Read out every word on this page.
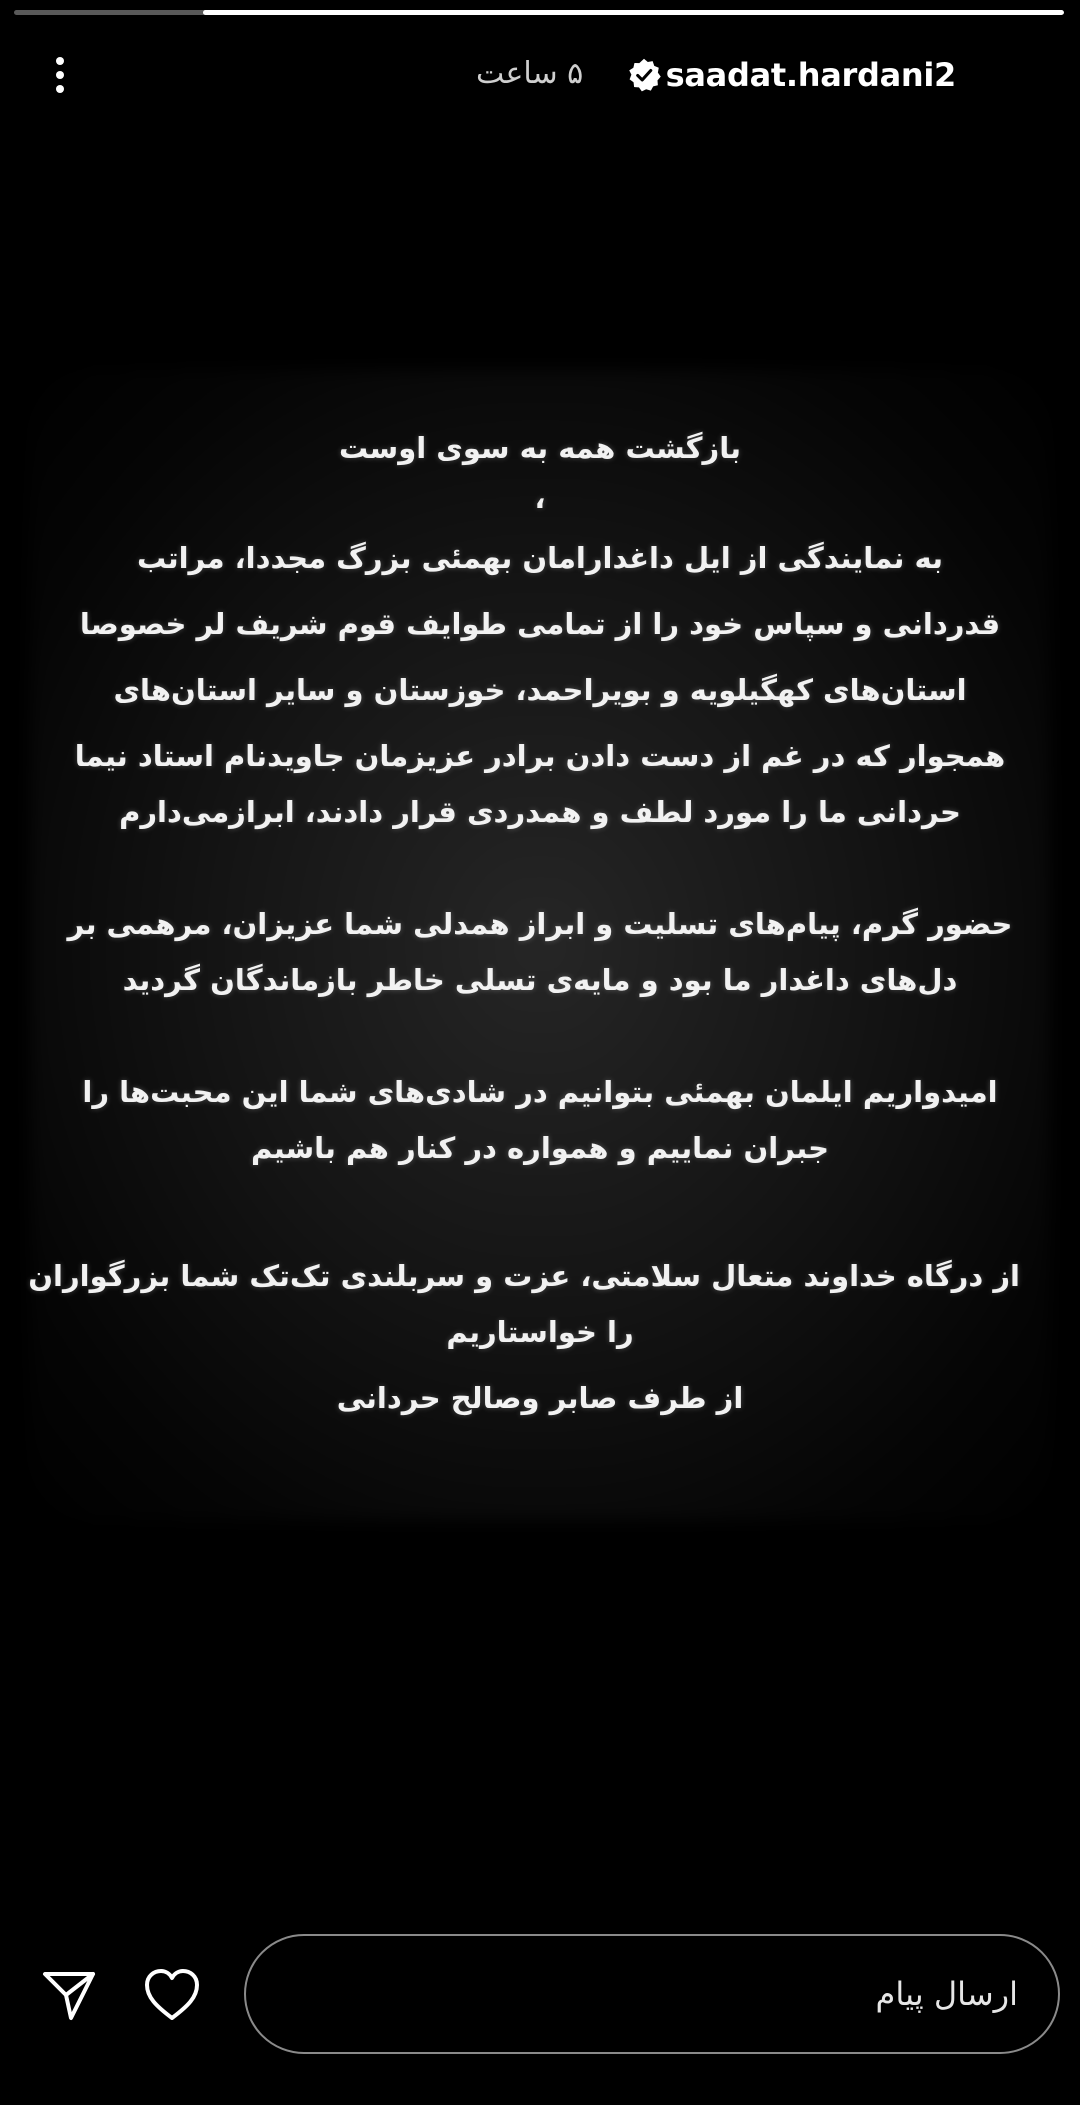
۵ ساعت	saadat.hardani2
بازگشت همه به سوی اوست
،
به نمایندگی از ایل داغدارامان بهمئی بزرگ مجددا، مراتب
قدردانی و سپاس خود را از تمامی طوایف قوم شریف لر خصوصا
استان‌های کهگیلویه و بویراحمد، خوزستان و سایر استان‌های
همجوار که در غم از دست دادن برادر عزیزمان جاویدنام استاد نیما
حردانی ما را مورد لطف و همدردی قرار دادند، ابرازمی‌دارم
حضور گرم، پیام‌های تسلیت و ابراز همدلی شما عزیزان، مرهمی بر
دل‌های داغدار ما بود و مایه‌ی تسلی خاطر بازماندگان گردید
امیدواریم ایلمان بهمئی بتوانیم در شادی‌های شما این محبت‌ها را
جبران نماییم و همواره در کنار هم باشیم
از درگاه خداوند متعال سلامتی، عزت و سربلندی تک‌تک شما بزرگواران
را خواستاریم
از طرف صابر وصالح حردانی
ارسال پیام
